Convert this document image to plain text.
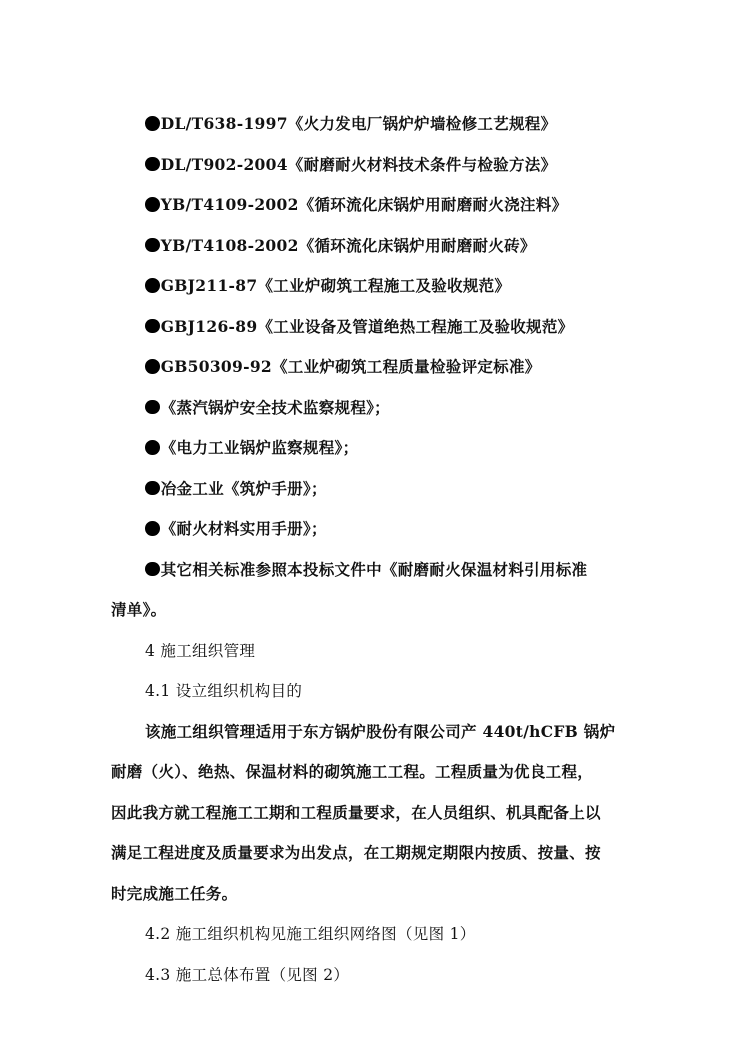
DL/T638-1997《火力发电厂锅炉炉墙检修工艺规程》
DL/T902-2004《耐磨耐火材料技术条件与检验方法》
YB/T4109-2002《循环流化床锅炉用耐磨耐火浇注料》
YB/T4108-2002《循环流化床锅炉用耐磨耐火砖》
GBJ211-87《工业炉砌筑工程施工及验收规范》
GBJ126-89《工业设备及管道绝热工程施工及验收规范》
GB50309-92《工业炉砌筑工程质量检验评定标准》
《蒸汽锅炉安全技术监察规程》；
《电力工业锅炉监察规程》；
冶金工业《筑炉手册》；
《耐火材料实用手册》；
其它相关标准参照本投标文件中《耐磨耐火保温材料引用标准
清单》。
4 施工组织管理
4.1 设立组织机构目的
该施工组织管理适用于东方锅炉股份有限公司产 440t/hCFB 锅炉
耐磨（火）、绝热、保温材料的砌筑施工工程。工程质量为优良工程，
因此我方就工程施工工期和工程质量要求，在人员组织、机具配备上以
满足工程进度及质量要求为出发点，在工期规定期限内按质、按量、按
时完成施工任务。
4.2 施工组织机构见施工组织网络图（见图 1）
4.3 施工总体布置（见图 2）
